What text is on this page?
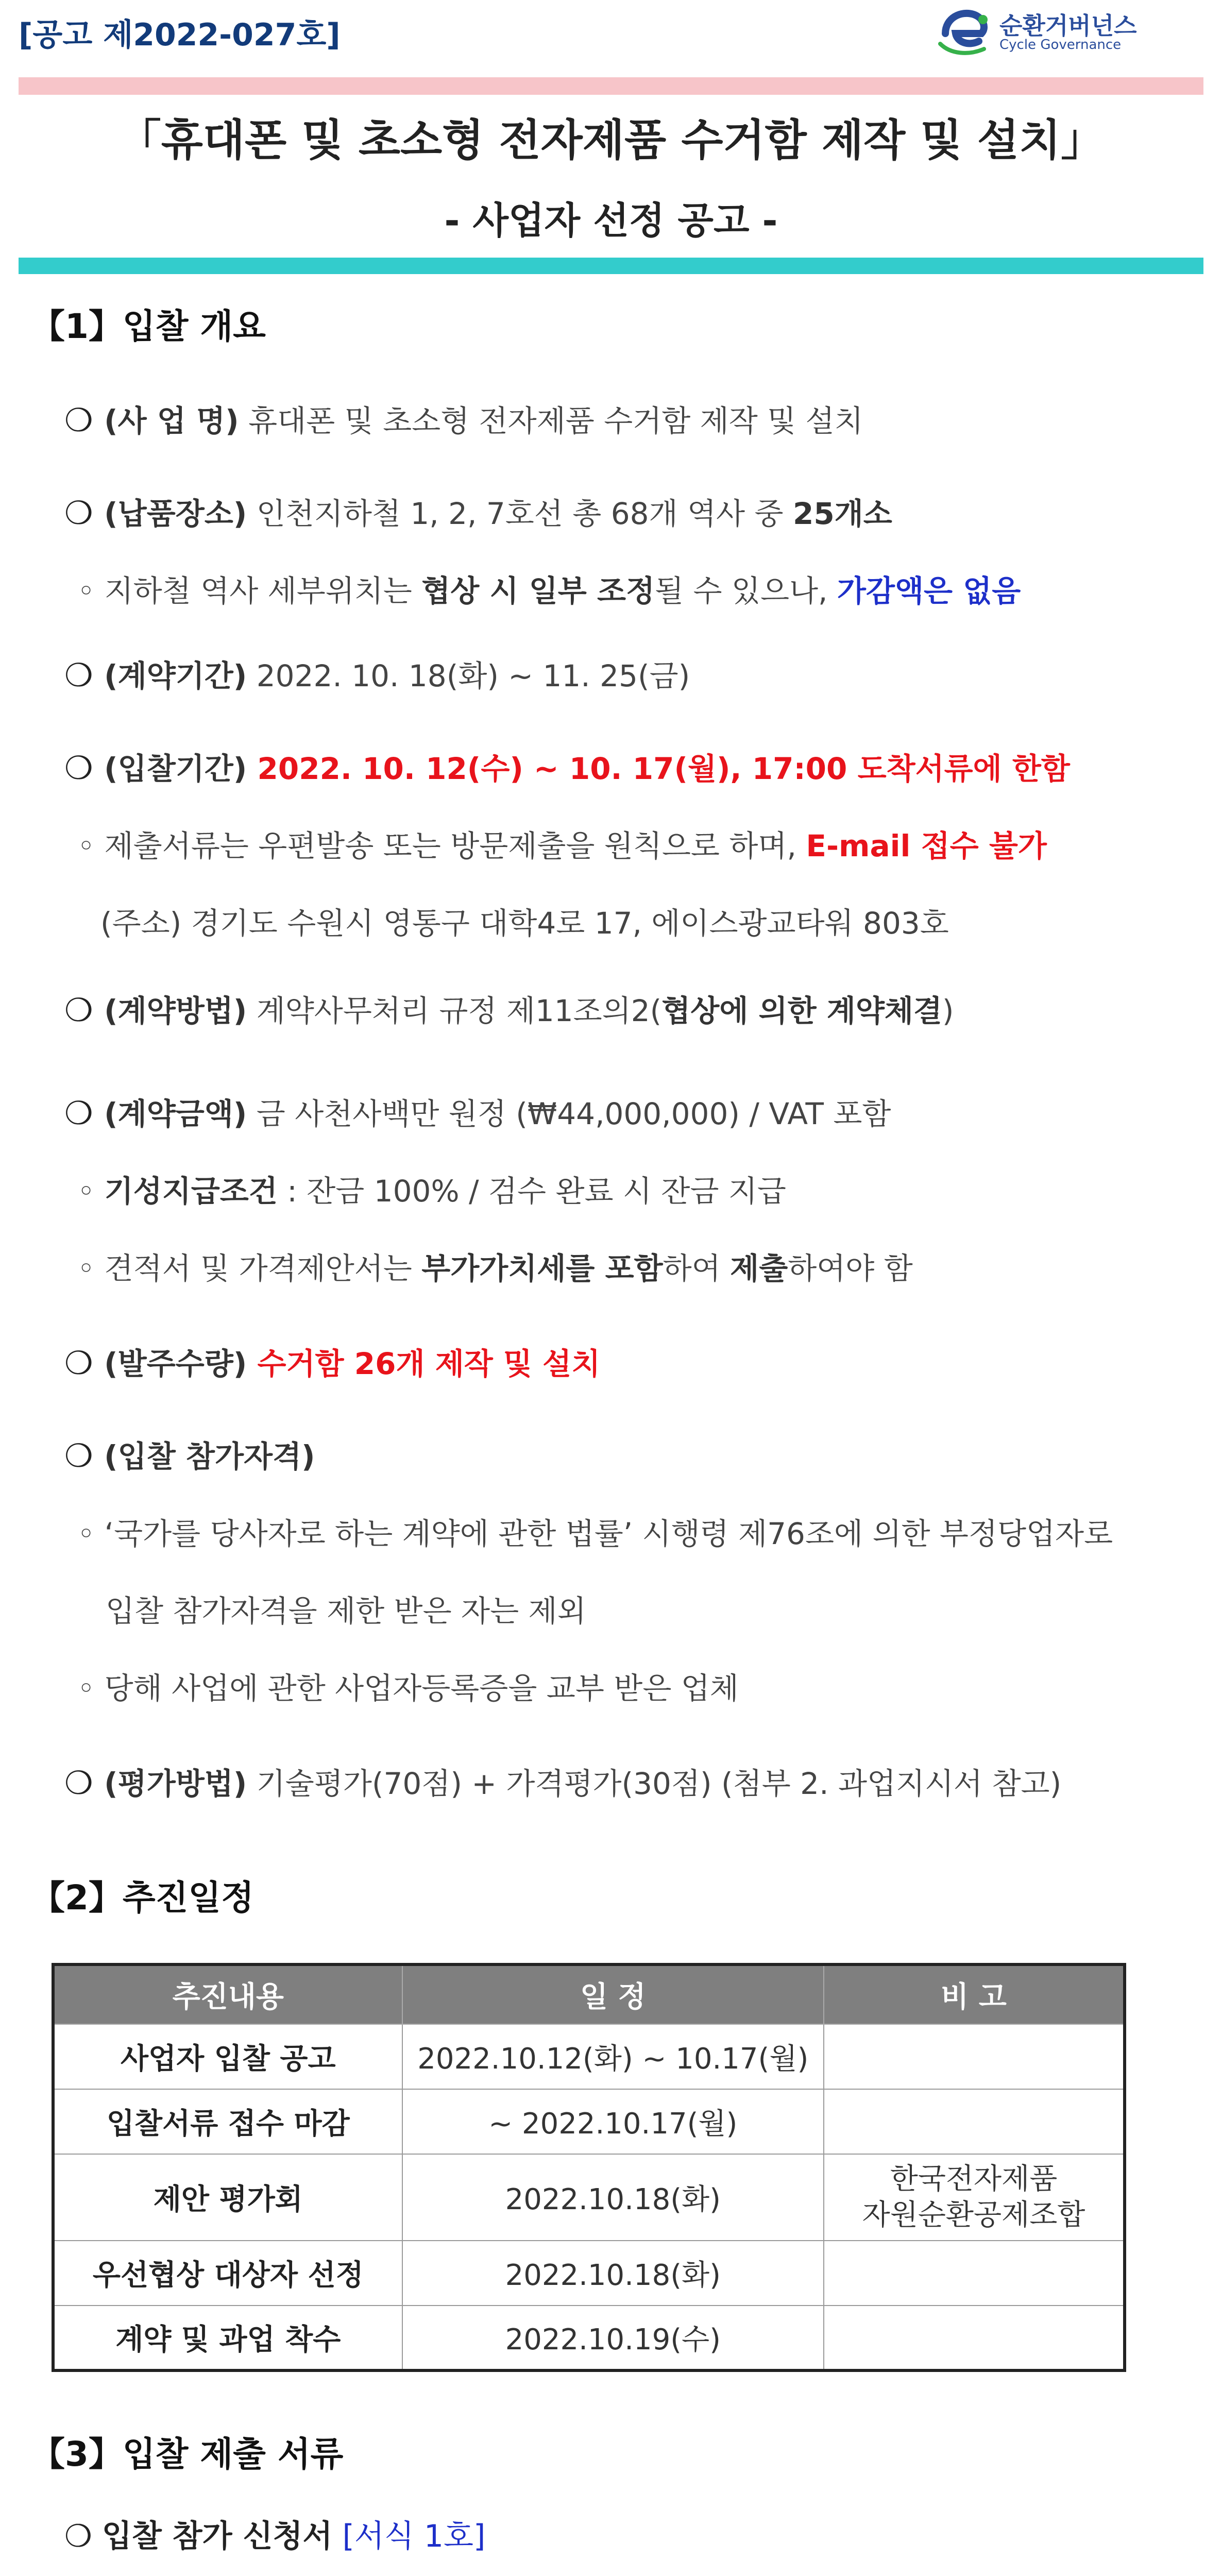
[공고 제2022-027호]	순환거버넌스
Cycle Governance
「휴대폰 및 초소형 전자제품 수거함 제작 및 설치」
- 사업자 선정 공고 -
【1】입찰 개요
❍ (사 업 명) 휴대폰 및 초소형 전자제품 수거함 제작 및 설치
❍ (납품장소) 인천지하철 1, 2, 7호선 총 68개 역사 중 25개소
◦ 지하철 역사 세부위치는 협상 시 일부 조정될 수 있으나, 가감액은 없음
❍ (계약기간) 2022. 10. 18(화) ~ 11. 25(금)
❍ (입찰기간) 2022. 10. 12(수) ~ 10. 17(월), 17:00 도착서류에 한함
◦ 제출서류는 우편발송 또는 방문제출을 원칙으로 하며, E-mail 접수 불가
(주소) 경기도 수원시 영통구 대학4로 17, 에이스광교타워 803호
❍ (계약방법) 계약사무처리 규정 제11조의2(협상에 의한 계약체결)
❍ (계약금액) 금 사천사백만 원정 (₩44,000,000) / VAT 포함
◦ 기성지급조건 : 잔금 100% / 검수 완료 시 잔금 지급
◦ 견적서 및 가격제안서는 부가가치세를 포함하여 제출하여야 함
❍ (발주수량) 수거함 26개 제작 및 설치
❍ (입찰 참가자격)
◦ ‘국가를 당사자로 하는 계약에 관한 법률’ 시행령 제76조에 의한 부정당업자로
입찰 참가자격을 제한 받은 자는 제외
◦ 당해 사업에 관한 사업자등록증을 교부 받은 업체
❍ (평가방법) 기술평가(70점) + 가격평가(30점) (첨부 2. 과업지시서 참고)
【2】추진일정
추진내용	일 정	비 고
사업자 입찰 공고	2022.10.12(화) ~ 10.17(월)	
입찰서류 접수 마감	~ 2022.10.17(월)	
제안 평가회	2022.10.18(화)	한국전자제품
자원순환공제조합
우선협상 대상자 선정	2022.10.18(화)	
계약 및 과업 착수	2022.10.19(수)	
【3】입찰 제출 서류
❍ 입찰 참가 신청서 [서식 1호]
